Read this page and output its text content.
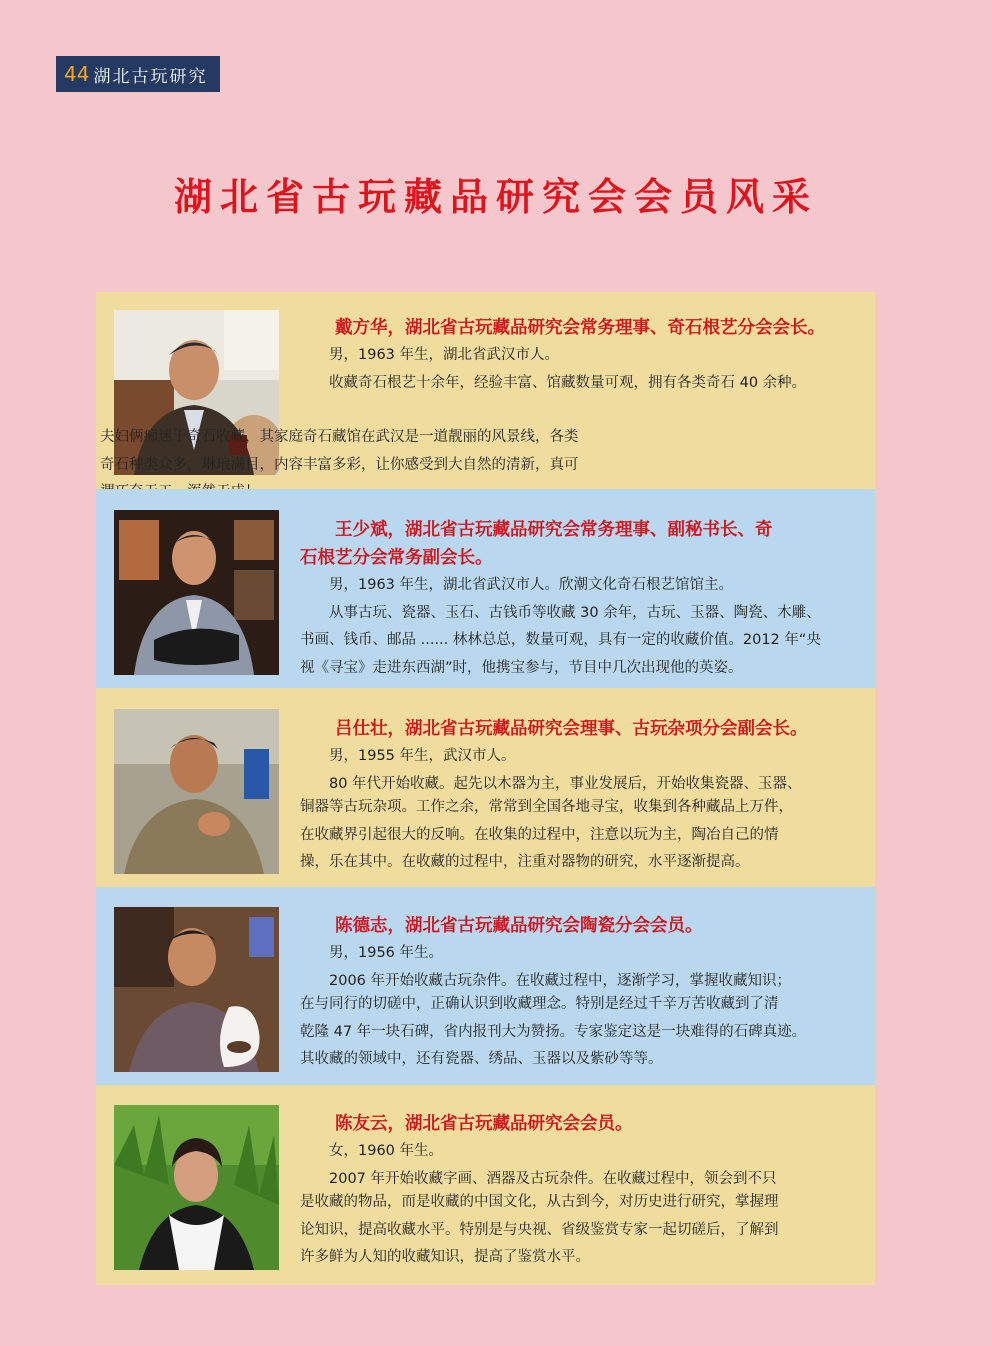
44 湖北古玩研究
湖北省古玩藏品研究会会员风采
戴方华，湖北省古玩藏品研究会常务理事、奇石根艺分会会长。
男，1963 年生，湖北省武汉市人。
收藏奇石根艺十余年，经验丰富、馆藏数量可观，拥有各类奇石 40 余种。
夫妇俩痴迷于奇石收藏，其家庭奇石藏馆在武汉是一道靓丽的风景线，各类
奇石种类众多，琳琅满目，内容丰富多彩，让你感受到大自然的清新，真可
王少斌，湖北省古玩藏品研究会常务理事、副秘书长、奇
石根艺分会常务副会长。
男，1963 年生，湖北省武汉市人。欣潮文化奇石根艺馆馆主。
从事古玩、瓷器、玉石、古钱币等收藏 30 余年，古玩、玉器、陶瓷、木雕、
书画、钱币、邮品 ...... 林林总总，数量可观，具有一定的收藏价值。2012 年“央
视《寻宝》走进东西湖”时，他携宝参与，节目中几次出现他的英姿。
吕仕壮，湖北省古玩藏品研究会理事、古玩杂项分会副会长。
男，1955 年生，武汉市人。
80 年代开始收藏。起先以木器为主，事业发展后，开始收集瓷器、玉器、
铜器等古玩杂项。工作之余，常常到全国各地寻宝，收集到各种藏品上万件，
在收藏界引起很大的反响。在收集的过程中，注意以玩为主，陶冶自己的情
操，乐在其中。在收藏的过程中，注重对器物的研究，水平逐渐提高。
陈德志，湖北省古玩藏品研究会陶瓷分会会员。
男，1956 年生。
2006 年开始收藏古玩杂件。在收藏过程中，逐渐学习，掌握收藏知识；
在与同行的切磋中，正确认识到收藏理念。特别是经过千辛万苦收藏到了清
乾隆 47 年一块石碑，省内报刊大为赞扬。专家鉴定这是一块难得的石碑真迹。
其收藏的领域中，还有瓷器、绣品、玉器以及紫砂等等。
陈友云，湖北省古玩藏品研究会会员。
女，1960 年生。
2007 年开始收藏字画、酒器及古玩杂件。在收藏过程中，领会到不只
是收藏的物品，而是收藏的中国文化，从古到今，对历史进行研究，掌握理
论知识，提高收藏水平。特别是与央视、省级鉴赏专家一起切磋后，了解到
许多鲜为人知的收藏知识，提高了鉴赏水平。
